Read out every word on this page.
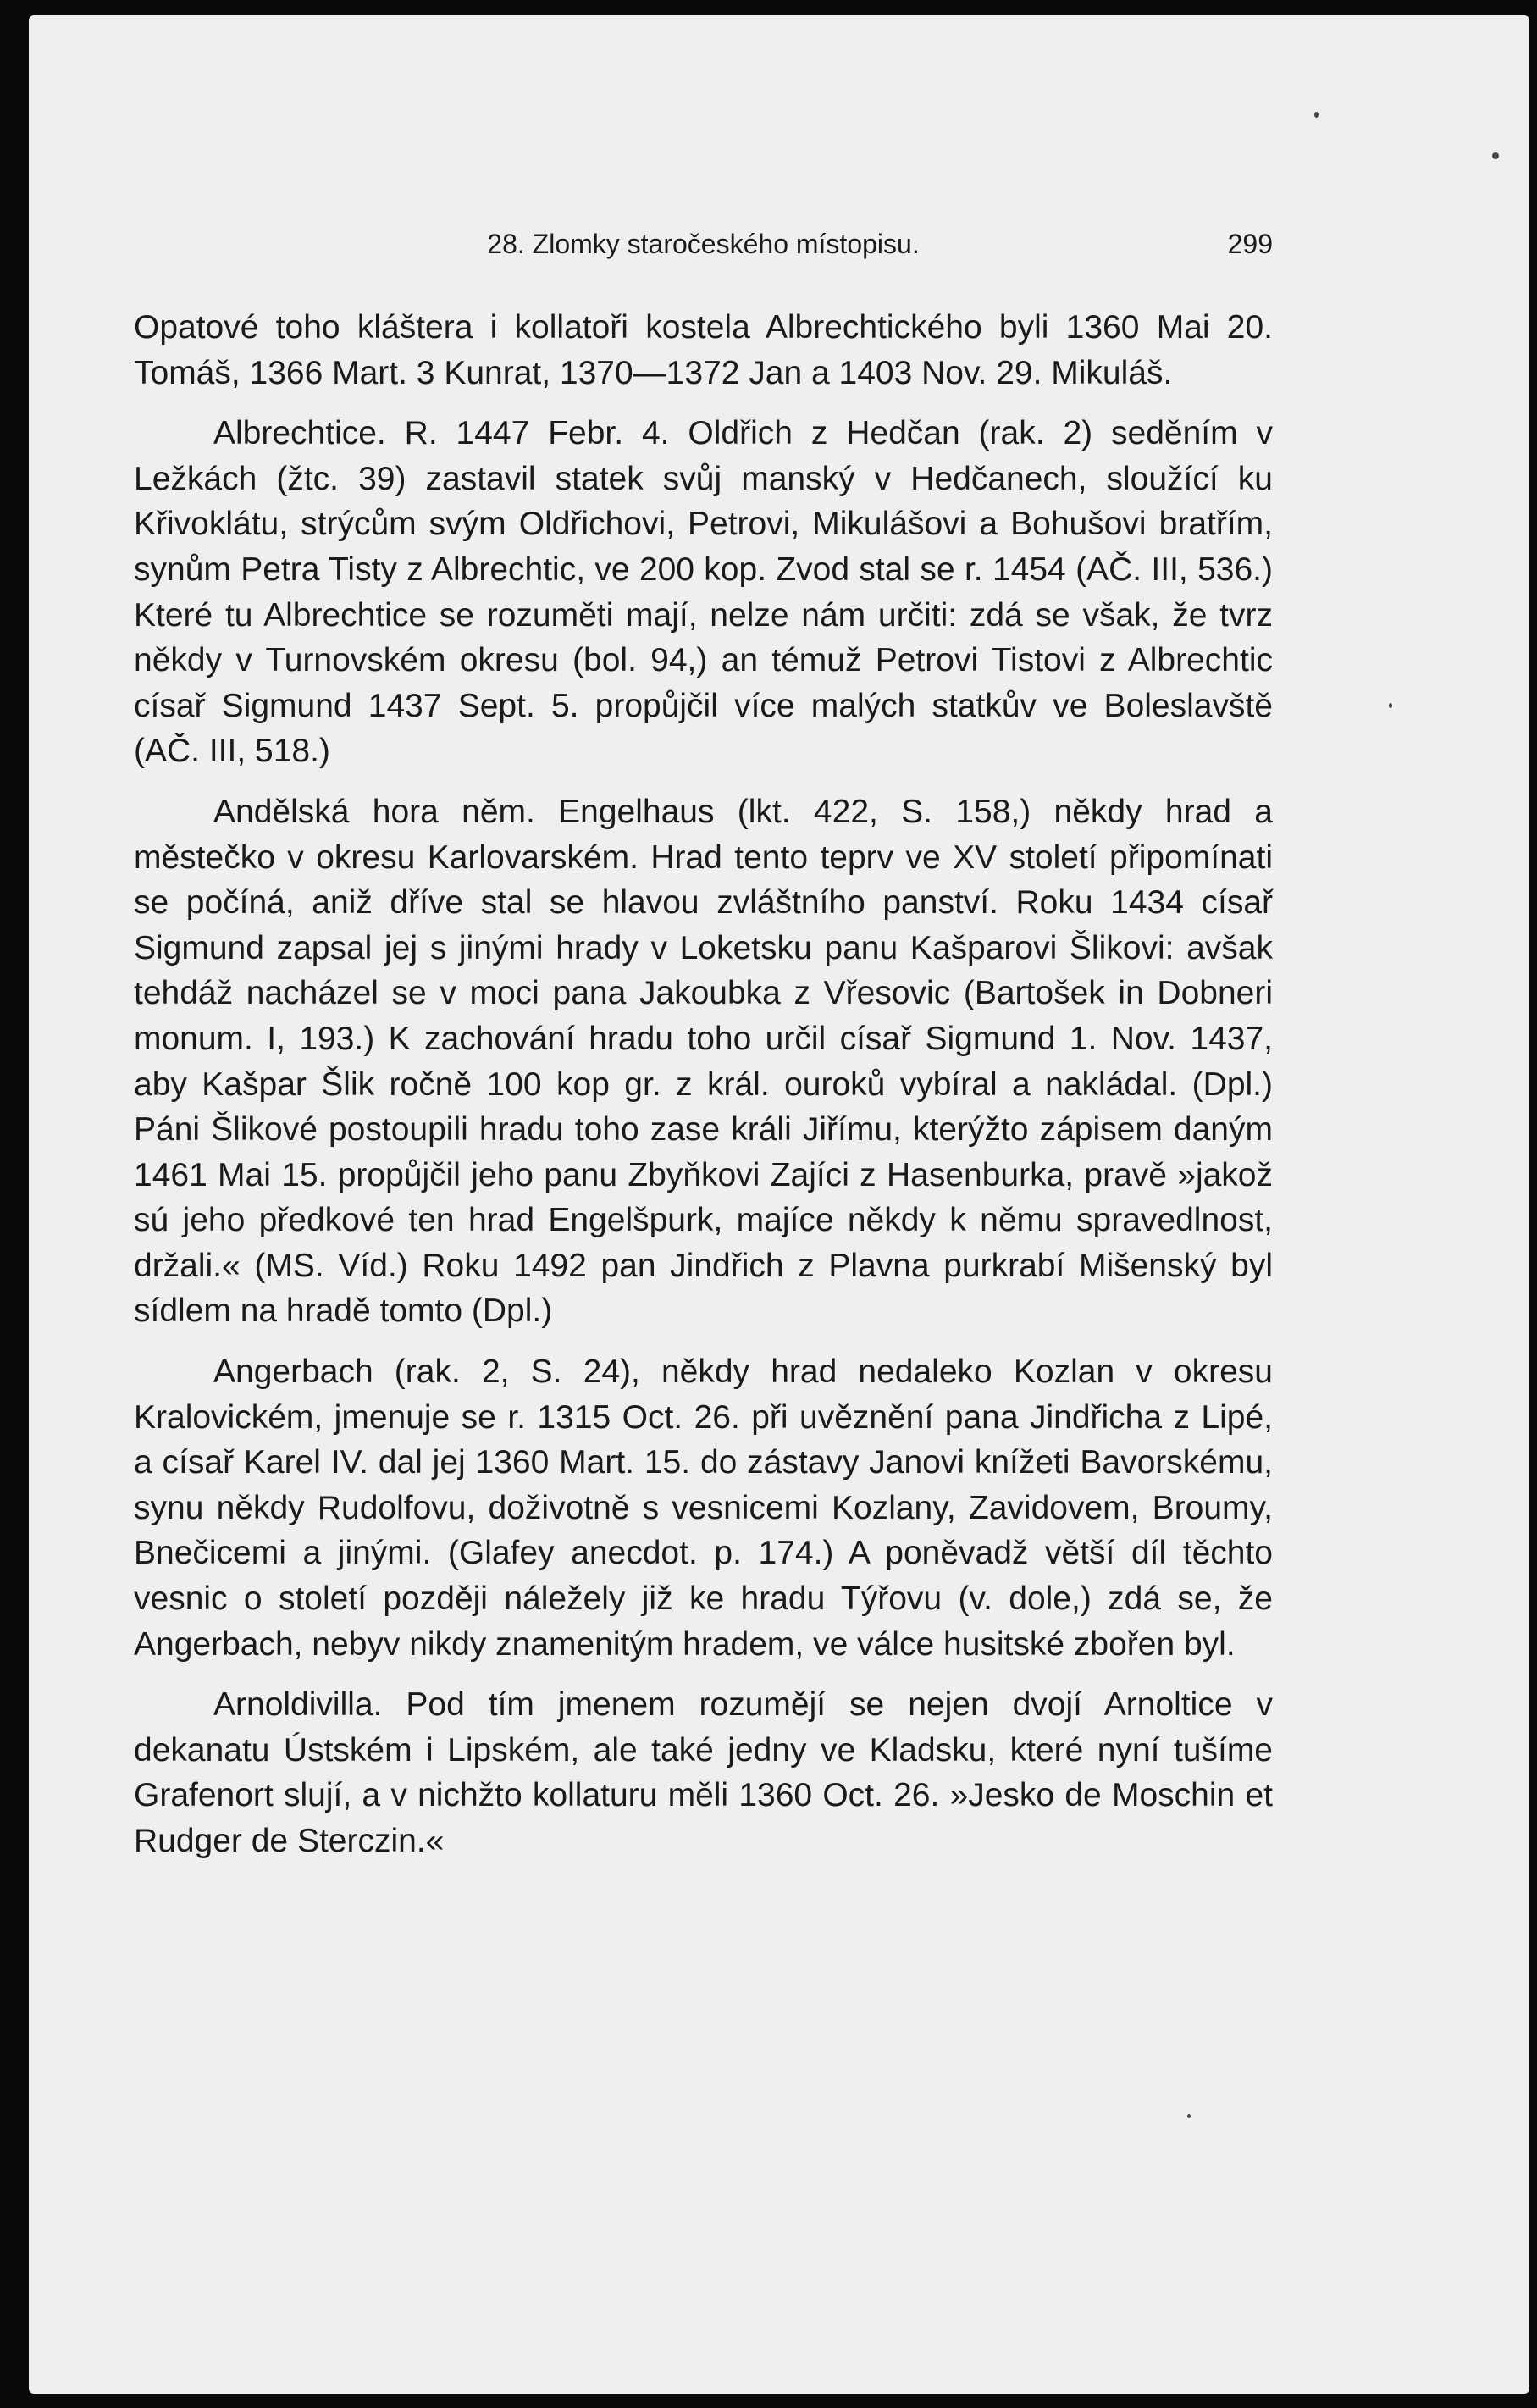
28. Zlomky staročeského místopisu.	299

Opatové toho kláštera i kollatoři kostela Albrechtického byli 1360 Mai 20. Tomáš, 1366 Mart. 3 Kunrat, 1370—1372 Jan a 1403 Nov. 29. Mikuláš.

Albrechtice. R. 1447 Febr. 4. Oldřich z Hedčan (rak. 2) seděním v Ležkách (žtc. 39) zastavil statek svůj manský v Hedčanech, sloužící ku Křivoklátu, strýcům svým Oldřichovi, Petrovi, Mikulášovi a Bohušovi bratřím, synům Petra Tisty z Albrechtic, ve 200 kop. Zvod stal se r. 1454 (AČ. III, 536.) Které tu Albrechtice se rozuměti mají, nelze nám určiti: zdá se však, že tvrz někdy v Turnovském okresu (bol. 94,) an témuž Petrovi Tistovi z Albrechtic císař Sigmund 1437 Sept. 5. propůjčil více malých statkův ve Boleslavště (AČ. III, 518.)

Andělská hora něm. Engelhaus (lkt. 422, S. 158,) někdy hrad a městečko v okresu Karlovarském. Hrad tento teprv ve XV století připomínati se počíná, aniž dříve stal se hlavou zvláštního panství. Roku 1434 císař Sigmund zapsal jej s jinými hrady v Loketsku panu Kašparovi Šlikovi: avšak tehdáž nacházel se v moci pana Jakoubka z Vřesovic (Bartošek in Dobneri monum. I, 193.) K zachování hradu toho určil císař Sigmund 1. Nov. 1437, aby Kašpar Šlik ročně 100 kop gr. z král. ouroků vybíral a nakládal. (Dpl.) Páni Šlikové postoupili hradu toho zase králi Jiřímu, kterýžto zápisem daným 1461 Mai 15. propůjčil jeho panu Zbyňkovi Zajíci z Hasenburka, pravě »jakož sú jeho předkové ten hrad Engelšpurk, majíce někdy k němu spravedlnost, držali.« (MS. Víd.) Roku 1492 pan Jindřich z Plavna purkrabí Mišenský byl sídlem na hradě tomto (Dpl.)

Angerbach (rak. 2, S. 24), někdy hrad nedaleko Kozlan v okresu Kralovickém, jmenuje se r. 1315 Oct. 26. při uvěznění pana Jindřicha z Lipé, a císař Karel IV. dal jej 1360 Mart. 15. do zástavy Janovi knížeti Bavorskému, synu někdy Rudolfovu, doživotně s vesnicemi Kozlany, Zavidovem, Broumy, Bnečicemi a jinými. (Glafey anecdot. p. 174.) A poněvadž větší díl těchto vesnic o století později náležely již ke hradu Týřovu (v. dole,) zdá se, že Angerbach, nebyv nikdy znamenitým hradem, ve válce husitské zbořen byl.

Arnoldivilla. Pod tím jmenem rozumějí se nejen dvojí Arnoltice v dekanatu Ústském i Lipském, ale také jedny ve Kladsku, které nyní tušíme Grafenort slují, a v nichžto kollaturu měli 1360 Oct. 26. »Jesko de Moschin et Rudger de Sterczin.«
